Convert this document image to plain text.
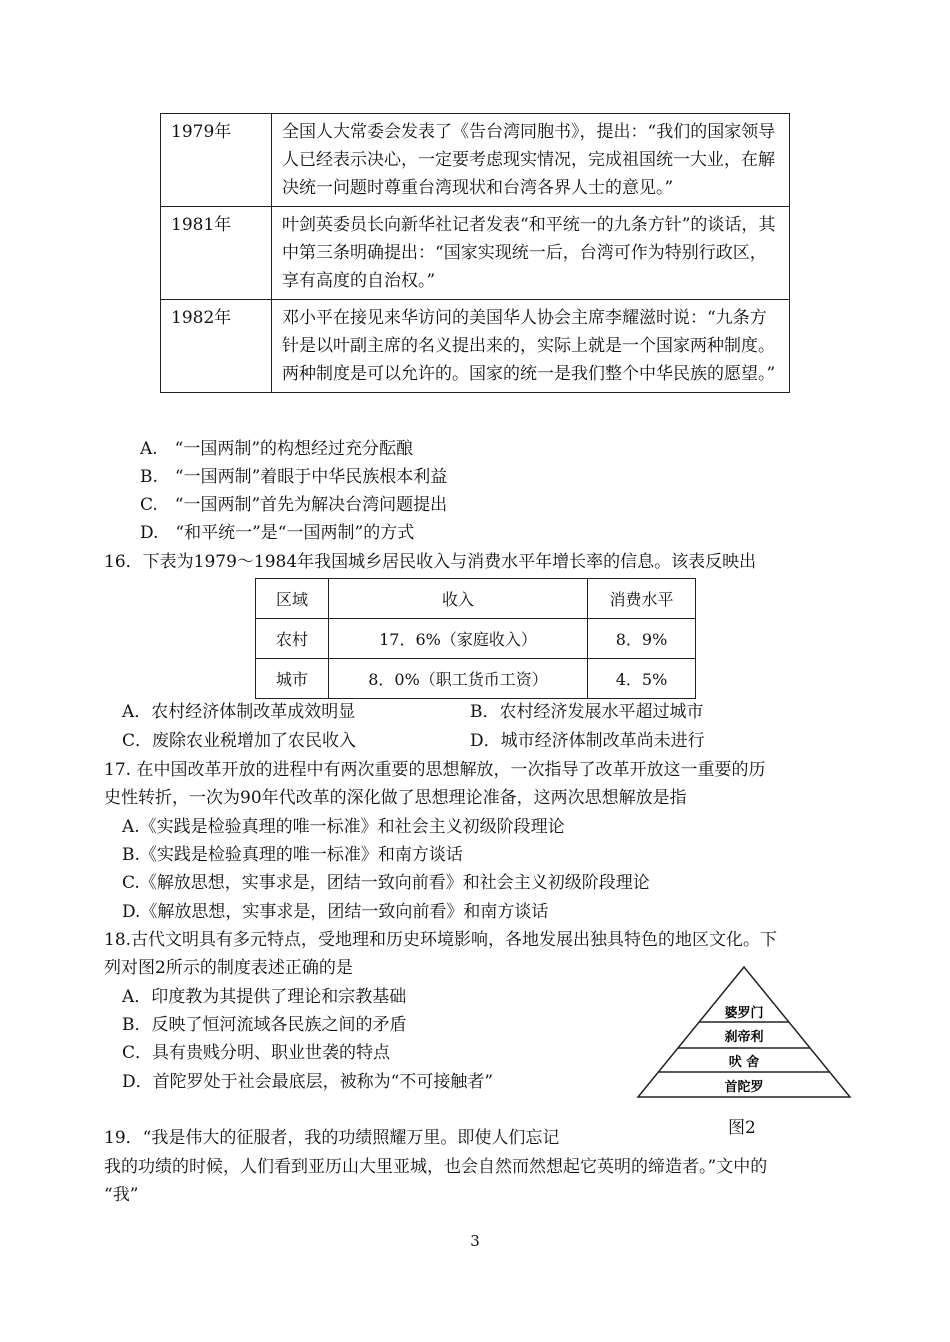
1979年	全国人大常委会发表了《告台湾同胞书》，提出：“我们的国家领导人已经表示决心，一定要考虑现实情况，完成祖国统一大业，在解决统一问题时尊重台湾现状和台湾各界人士的意见。”
1981年	叶剑英委员长向新华社记者发表“和平统一的九条方针”的谈话，其中第三条明确提出：“国家实现统一后，台湾可作为特别行政区，享有高度的自治权。”
1982年	邓小平在接见来华访问的美国华人协会主席李耀滋时说：“九条方针是以叶副主席的名义提出来的，实际上就是一个国家两种制度。两种制度是可以允许的。国家的统一是我们整个中华民族的愿望。”
A.　“一国两制”的构想经过充分酝酿
B.　“一国两制”着眼于中华民族根本利益
C.　“一国两制”首先为解决台湾问题提出
D.　“和平统一”是“一国两制”的方式
16．下表为1979～1984年我国城乡居民收入与消费水平年增长率的信息。该表反映出
区域	收入	消费水平
农村	17．6%（家庭收入）	8．9%
城市	8．0%（职工货币工资）	4．5%
A．农村经济体制改革成效明显	B．农村经济发展水平超过城市
C．废除农业税增加了农民收入	D．城市经济体制改革尚未进行
17. 在中国改革开放的进程中有两次重要的思想解放，一次指导了改革开放这一重要的历
史性转折，一次为90年代改革的深化做了思想理论准备，这两次思想解放是指
A.《实践是检验真理的唯一标准》和社会主义初级阶段理论
B.《实践是检验真理的唯一标准》和南方谈话
C.《解放思想，实事求是，团结一致向前看》和社会主义初级阶段理论
D.《解放思想，实事求是，团结一致向前看》和南方谈话
18.古代文明具有多元特点，受地理和历史环境影响，各地发展出独具特色的地区文化。下
列对图2所示的制度表述正确的是
A．印度教为其提供了理论和宗教基础
B．反映了恒河流域各民族之间的矛盾
C．具有贵贱分明、职业世袭的特点
D．首陀罗处于社会最底层，被称为“不可接触者”
婆罗门
刹帝利
吠 舍
首陀罗
图2
19．“我是伟大的征服者，我的功绩照耀万里。即使人们忘记
我的功绩的时候，人们看到亚历山大里亚城，也会自然而然想起它英明的缔造者。”文中的
“我”
3
